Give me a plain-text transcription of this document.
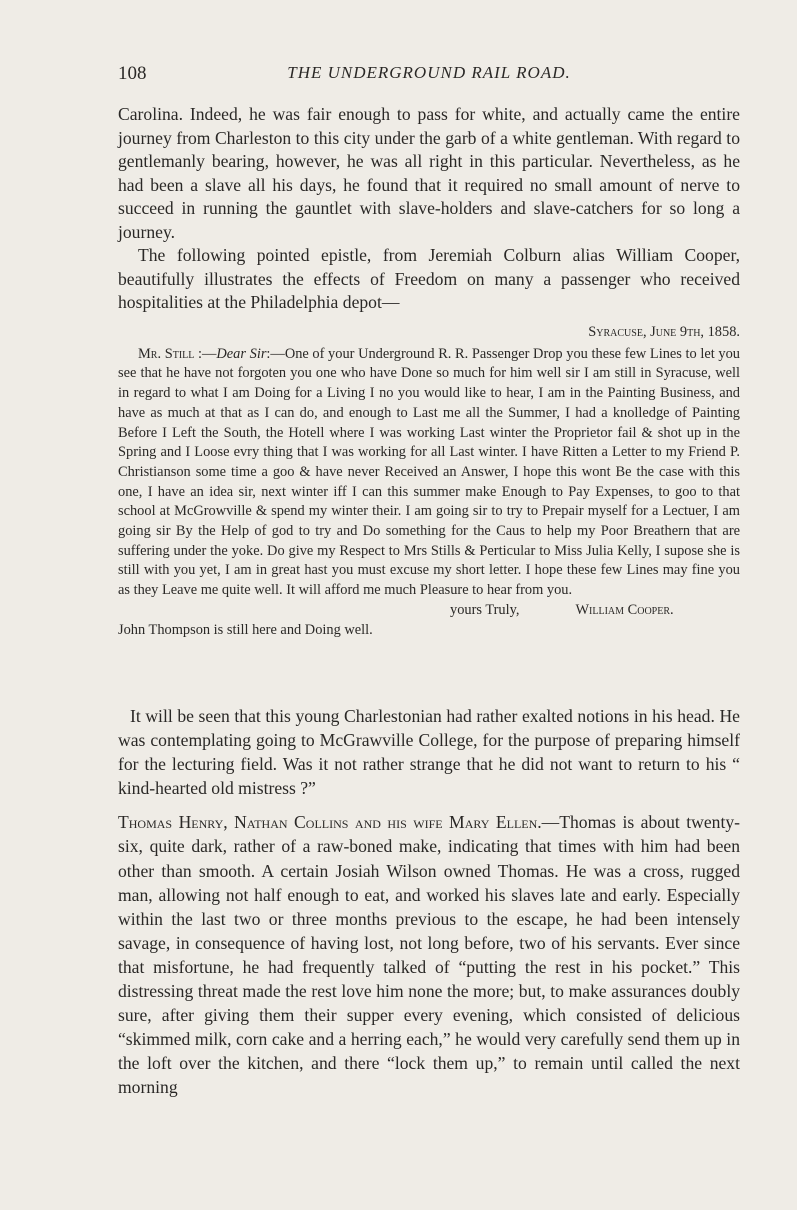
108	THE UNDERGROUND RAIL ROAD.

Carolina. Indeed, he was fair enough to pass for white, and actually came the entire journey from Charleston to this city under the garb of a white gentleman. With regard to gentlemanly bearing, however, he was all right in this particular. Nevertheless, as he had been a slave all his days, he found that it required no small amount of nerve to succeed in running the gauntlet with slave-holders and slave-catchers for so long a journey.

The following pointed epistle, from Jeremiah Colburn alias William Cooper, beautifully illustrates the effects of Freedom on many a passenger who received hospitalities at the Philadelphia depot—

Syracuse, June 9th, 1858.

Mr. Still :—Dear Sir:—One of your Underground R. R. Passenger Drop you these few Lines to let you see that he have not forgoten you one who have Done so much for him well sir I am still in Syracuse, well in regard to what I am Doing for a Living I no you would like to hear, I am in the Painting Business, and have as much at that as I can do, and enough to Last me all the Summer, I had a knolledge of Painting Before I Left the South, the Hotell where I was working Last winter the Proprietor fail & shot up in the Spring and I Loose evry thing that I was working for all Last winter. I have Ritten a Letter to my Friend P. Christianson some time a goo & have never Received an Answer, I hope this wont Be the case with this one, I have an idea sir, next winter iff I can this summer make Enough to Pay Expenses, to goo to that school at McGrowville & spend my winter their. I am going sir to try to Prepair myself for a Lectuer, I am going sir By the Help of god to try and Do something for the Caus to help my Poor Breathern that are suffering under the yoke. Do give my Respect to Mrs Stills & Perticular to Miss Julia Kelly, I supose she is still with you yet, I am in great hast you must excuse my short letter. I hope these few Lines may fine you as they Leave me quite well. It will afford me much Pleasure to hear from you.

yours Truly,	William Cooper.

John Thompson is still here and Doing well.

It will be seen that this young Charlestonian had rather exalted notions in his head. He was contemplating going to McGrawville College, for the purpose of preparing himself for the lecturing field. Was it not rather strange that he did not want to return to his “ kind-hearted old mistress ?”

Thomas Henry, Nathan Collins and his wife Mary Ellen.—Thomas is about twenty-six, quite dark, rather of a raw-boned make, indicating that times with him had been other than smooth. A certain Josiah Wilson owned Thomas. He was a cross, rugged man, allowing not half enough to eat, and worked his slaves late and early. Especially within the last two or three months previous to the escape, he had been intensely savage, in consequence of having lost, not long before, two of his servants. Ever since that misfortune, he had frequently talked of “putting the rest in his pocket.” This distressing threat made the rest love him none the more; but, to make assurances doubly sure, after giving them their supper every evening, which consisted of delicious “skimmed milk, corn cake and a herring each,” he would very carefully send them up in the loft over the kitchen, and there “lock them up,” to remain until called the next morning
